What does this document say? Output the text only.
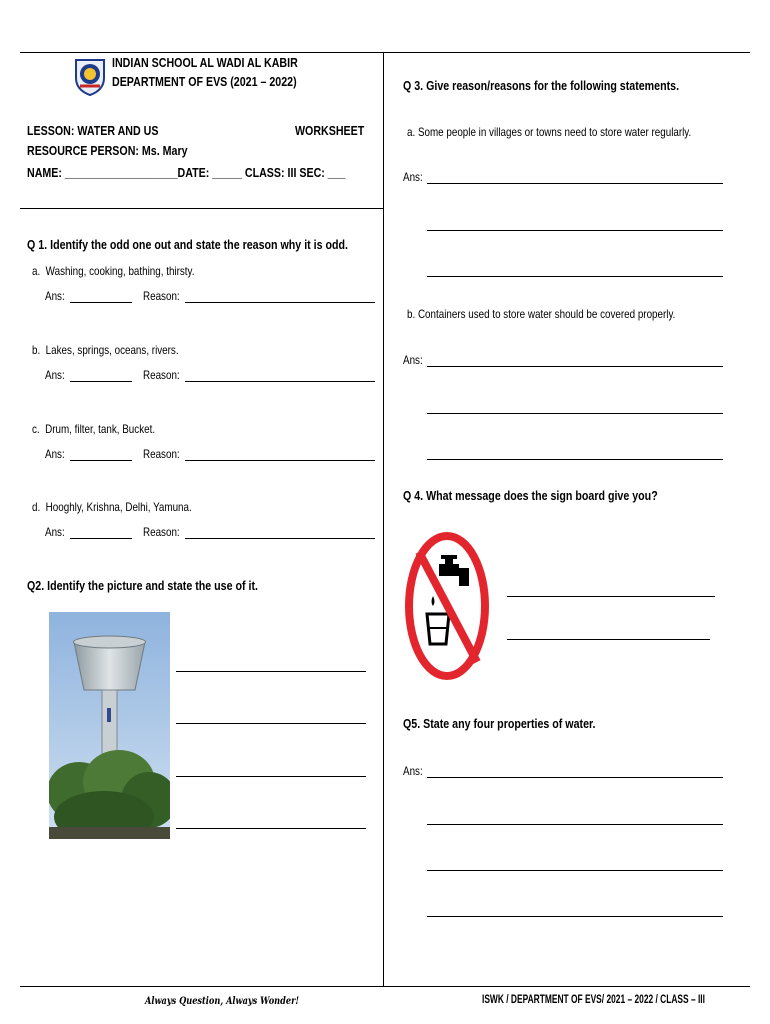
INDIAN SCHOOL AL WADI AL KABIR
DEPARTMENT OF EVS (2021 – 2022)
LESSON: WATER AND US	WORKSHEET
RESOURCE PERSON: Ms. Mary
NAME: ___________________DATE: _____ CLASS: III SEC: ___
Q 1. Identify the odd one out and state the reason why it is odd.
a. Washing, cooking, bathing, thirsty.
Ans:	Reason:
b. Lakes, springs, oceans, rivers.
Ans:	Reason:
c. Drum, filter, tank, Bucket.
Ans:	Reason:
d. Hooghly, Krishna, Delhi, Yamuna.
Ans:	Reason:
Q2. Identify the picture and state the use of it.
Q 3. Give reason/reasons for the following statements.
a. Some people in villages or towns need to store water regularly.
Ans:
b. Containers used to store water should be covered properly.
Ans:
Q 4. What message does the sign board give you?
Q5. State any four properties of water.
Ans:
Always Question, Always Wonder!	ISWK / DEPARTMENT OF EVS/ 2021 – 2022 / CLASS – III
